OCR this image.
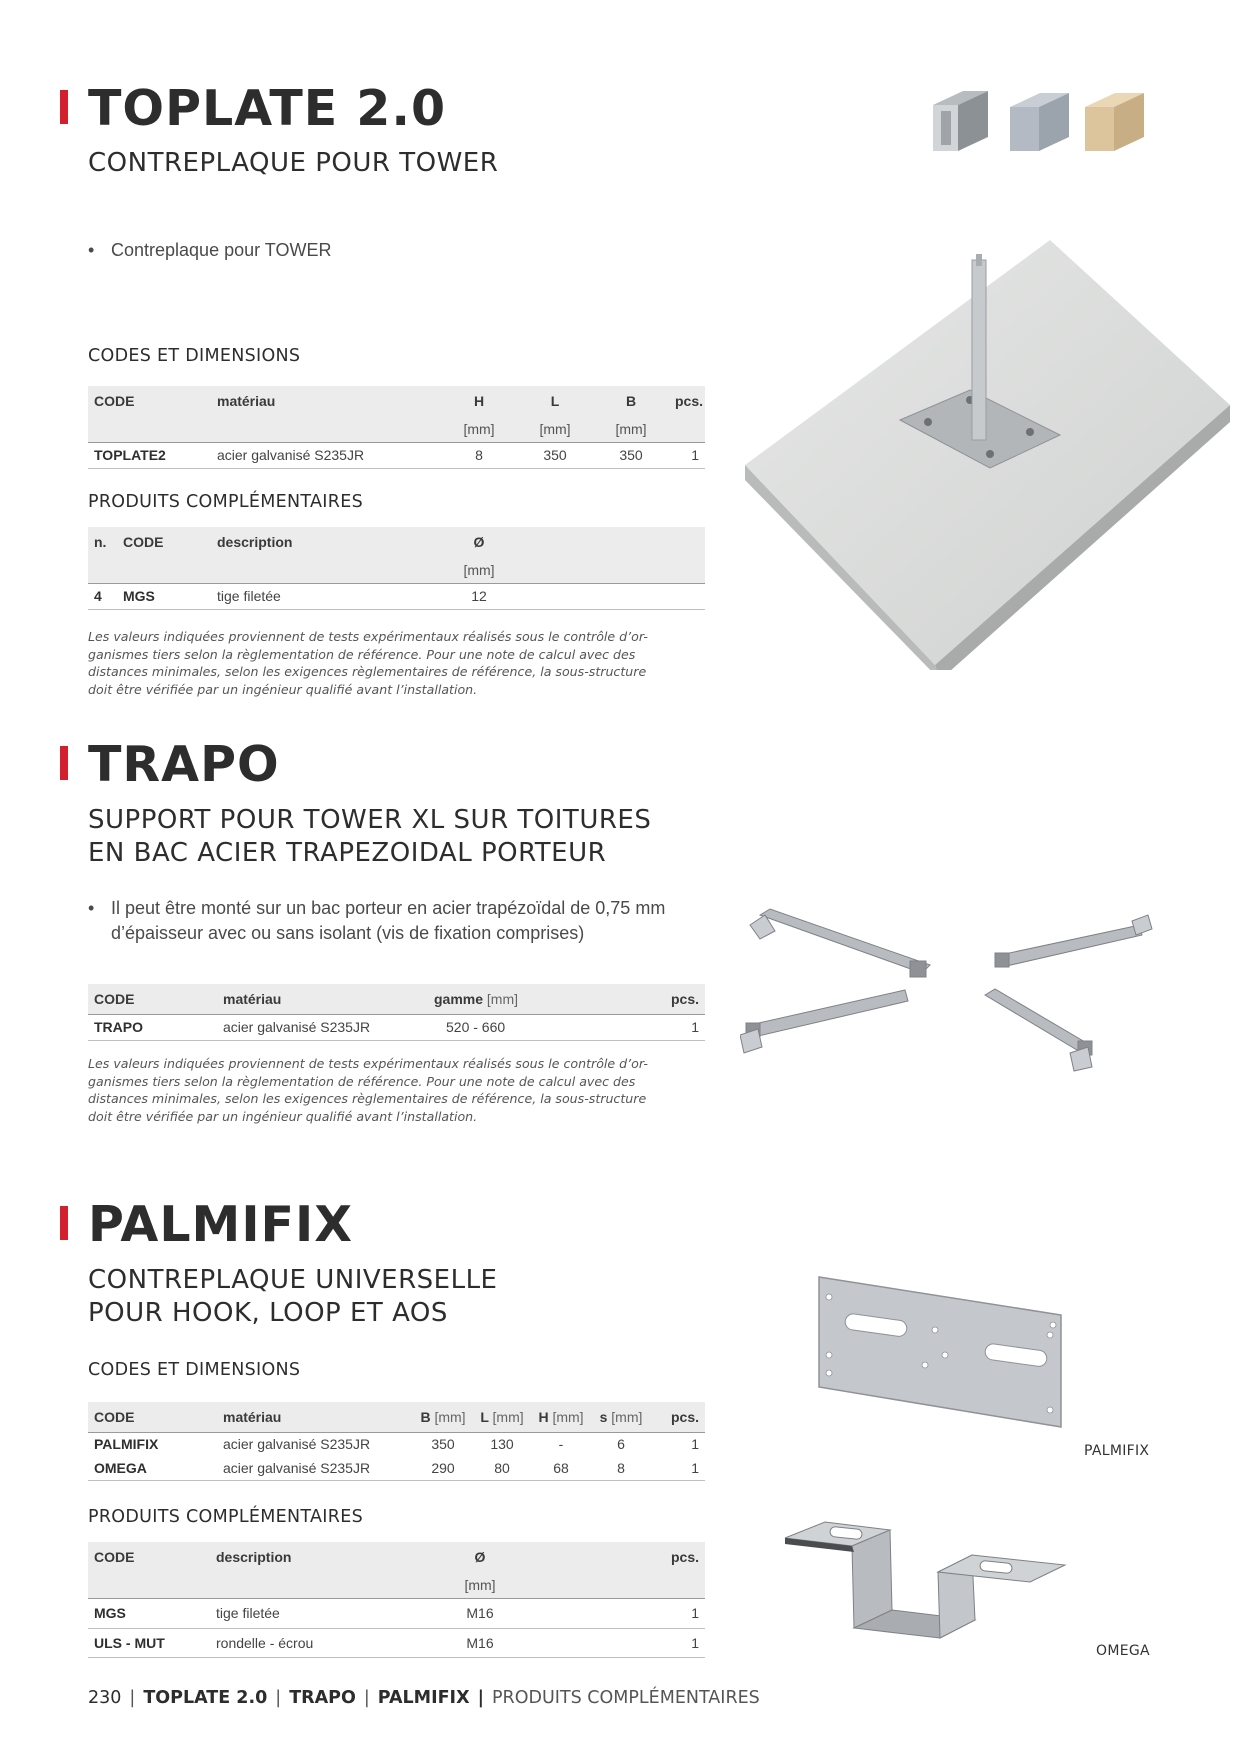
TOPLATE 2.0
CONTREPLAQUE POUR TOWER
• Contreplaque pour TOWER
CODES ET DIMENSIONS
CODE	matériau	H	L	B	pcs.
		[mm]	[mm]	[mm]	
TOPLATE2	acier galvanisé S235JR	8	350	350	1
PRODUITS COMPLÉMENTAIRES
n.	CODE	description	Ø	
			[mm]	
4	MGS	tige filetée	12	
Les valeurs indiquées proviennent de tests expérimentaux réalisés sous le contrôle d’or-
ganismes tiers selon la règlementation de référence. Pour une note de calcul avec des
distances minimales, selon les exigences règlementaires de référence, la sous-structure
doit être vérifiée par un ingénieur qualifié avant l’installation.
TRAPO
SUPPORT POUR TOWER XL SUR TOITURES
EN BAC ACIER TRAPEZOIDAL PORTEUR
• Il peut être monté sur un bac porteur en acier trapézoïdal de 0,75 mm
d’épaisseur avec ou sans isolant (vis de fixation comprises)
CODE	matériau	gamme [mm]	pcs.
TRAPO	acier galvanisé S235JR	520 - 660	1
Les valeurs indiquées proviennent de tests expérimentaux réalisés sous le contrôle d’or-
ganismes tiers selon la règlementation de référence. Pour une note de calcul avec des
distances minimales, selon les exigences règlementaires de référence, la sous-structure
doit être vérifiée par un ingénieur qualifié avant l’installation.
PALMIFIX
CONTREPLAQUE UNIVERSELLE
POUR HOOK, LOOP ET AOS
CODES ET DIMENSIONS
CODE	matériau	B [mm]	L [mm]	H [mm]	s [mm]	pcs.
PALMIFIX	acier galvanisé S235JR	350	130	-	6	1
OMEGA	acier galvanisé S235JR	290	80	68	8	1
PRODUITS COMPLÉMENTAIRES
CODE	description	Ø	pcs.
		[mm]	
MGS	tige filetée	M16	1
ULS - MUT	rondelle - écrou	M16	1
PALMIFIX
OMEGA
230 | TOPLATE 2.0 | TRAPO | PALMIFIX | PRODUITS COMPLÉMENTAIRES
